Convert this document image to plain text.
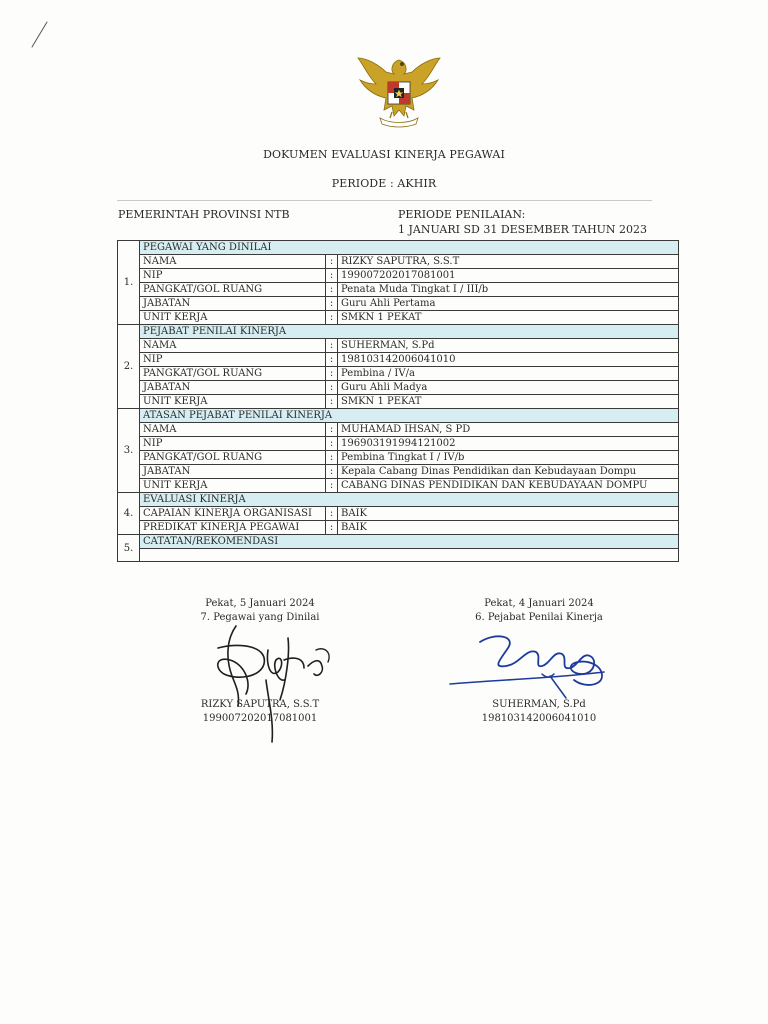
DOKUMEN EVALUASI KINERJA PEGAWAI
PERIODE : AKHIR
PEMERINTAH PROVINSI NTB	PERIODE PENILAIAN:
1 JANUARI SD 31 DESEMBER TAHUN 2023
1.	PEGAWAI YANG DINILAI		
	NAMA	:	RIZKY SAPUTRA, S.S.T
	NIP	:	199007202017081001
	PANGKAT/GOL RUANG	:	Penata Muda Tingkat I / III/b
	JABATAN	:	Guru Ahli Pertama
	UNIT KERJA	:	SMKN 1 PEKAT
2.	PEJABAT PENILAI KINERJA		
	NAMA	:	SUHERMAN, S.Pd
	NIP	:	198103142006041010
	PANGKAT/GOL RUANG	:	Pembina / IV/a
	JABATAN	:	Guru Ahli Madya
	UNIT KERJA	:	SMKN 1 PEKAT
3.	ATASAN PEJABAT PENILAI KINERJA		
	NAMA	:	MUHAMAD IHSAN, S PD
	NIP	:	196903191994121002
	PANGKAT/GOL RUANG	:	Pembina Tingkat I / IV/b
	JABATAN	:	Kepala Cabang Dinas Pendidikan dan Kebudayaan Dompu
	UNIT KERJA	:	CABANG DINAS PENDIDIKAN DAN KEBUDAYAAN DOMPU
4.	EVALUASI KINERJA		
	CAPAIAN KINERJA ORGANISASI	:	BAIK
	PREDIKAT KINERJA PEGAWAI	:	BAIK
5.	CATATAN/REKOMENDASI		

Pekat, 5 Januari 2024
7. Pegawai yang Dinilai
RIZKY SAPUTRA, S.S.T
199007202017081001
Pekat, 4 Januari 2024
6. Pejabat Penilai Kinerja
SUHERMAN, S.Pd
198103142006041010
